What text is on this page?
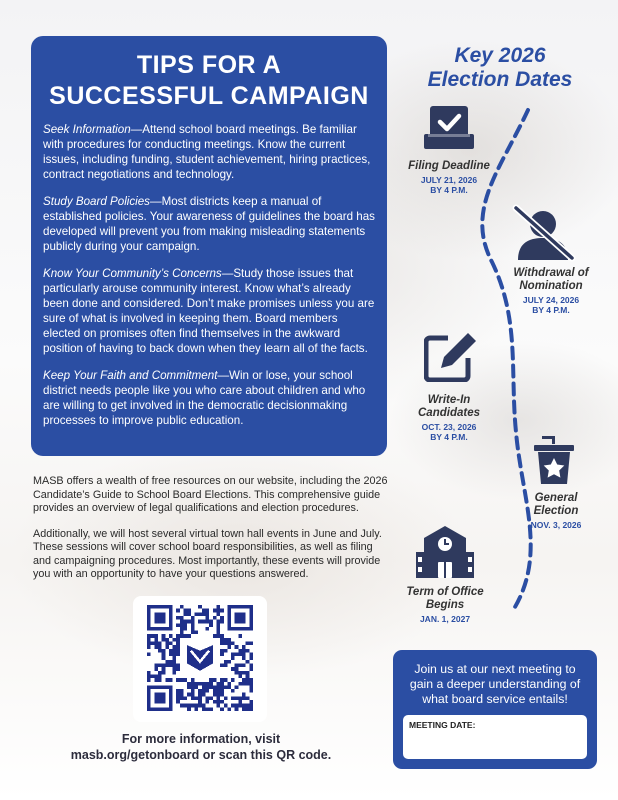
TIPS FOR A
SUCCESSFUL CAMPAIGN

Seek Information—Attend school board meetings. Be familiar with procedures for conducting meetings. Know the current issues, including funding, student achievement, hiring practices, contract negotiations and technology.

Study Board Policies—Most districts keep a manual of established policies. Your awareness of guidelines the board has developed will prevent you from making misleading statements publicly during your campaign.

Know Your Community’s Concerns—Study those issues that particularly arouse community interest. Know what’s already been done and considered. Don’t make promises unless you are sure of what is involved in keeping them. Board members elected on promises often find themselves in the awkward position of having to back down when they learn all of the facts.

Keep Your Faith and Commitment—Win or lose, your school district needs people like you who care about children and who are willing to get involved in the democratic decisionmaking processes to improve public education.

MASB offers a wealth of free resources on our website, including the 2026 Candidate’s Guide to School Board Elections. This comprehensive guide provides an overview of legal qualifications and election procedures.

Additionally, we will host several virtual town hall events in June and July. These sessions will cover school board responsibilities, as well as filing and campaigning procedures. Most importantly, these events will provide you with an opportunity to have your questions answered.

For more information, visit
masb.org/getonboard or scan this QR code.
Key 2026
Election Dates
Filing Deadline
JULY 21, 2026
BY 4 P.M.
Withdrawal of
Nomination
JULY 24, 2026
BY 4 P.M.
Write-In
Candidates
OCT. 23, 2026
BY 4 P.M.
General
Election
NOV. 3, 2026
Term of Office
Begins
JAN. 1, 2027
Join us at our next meeting to
gain a deeper understanding of
what board service entails!
MEETING DATE:
